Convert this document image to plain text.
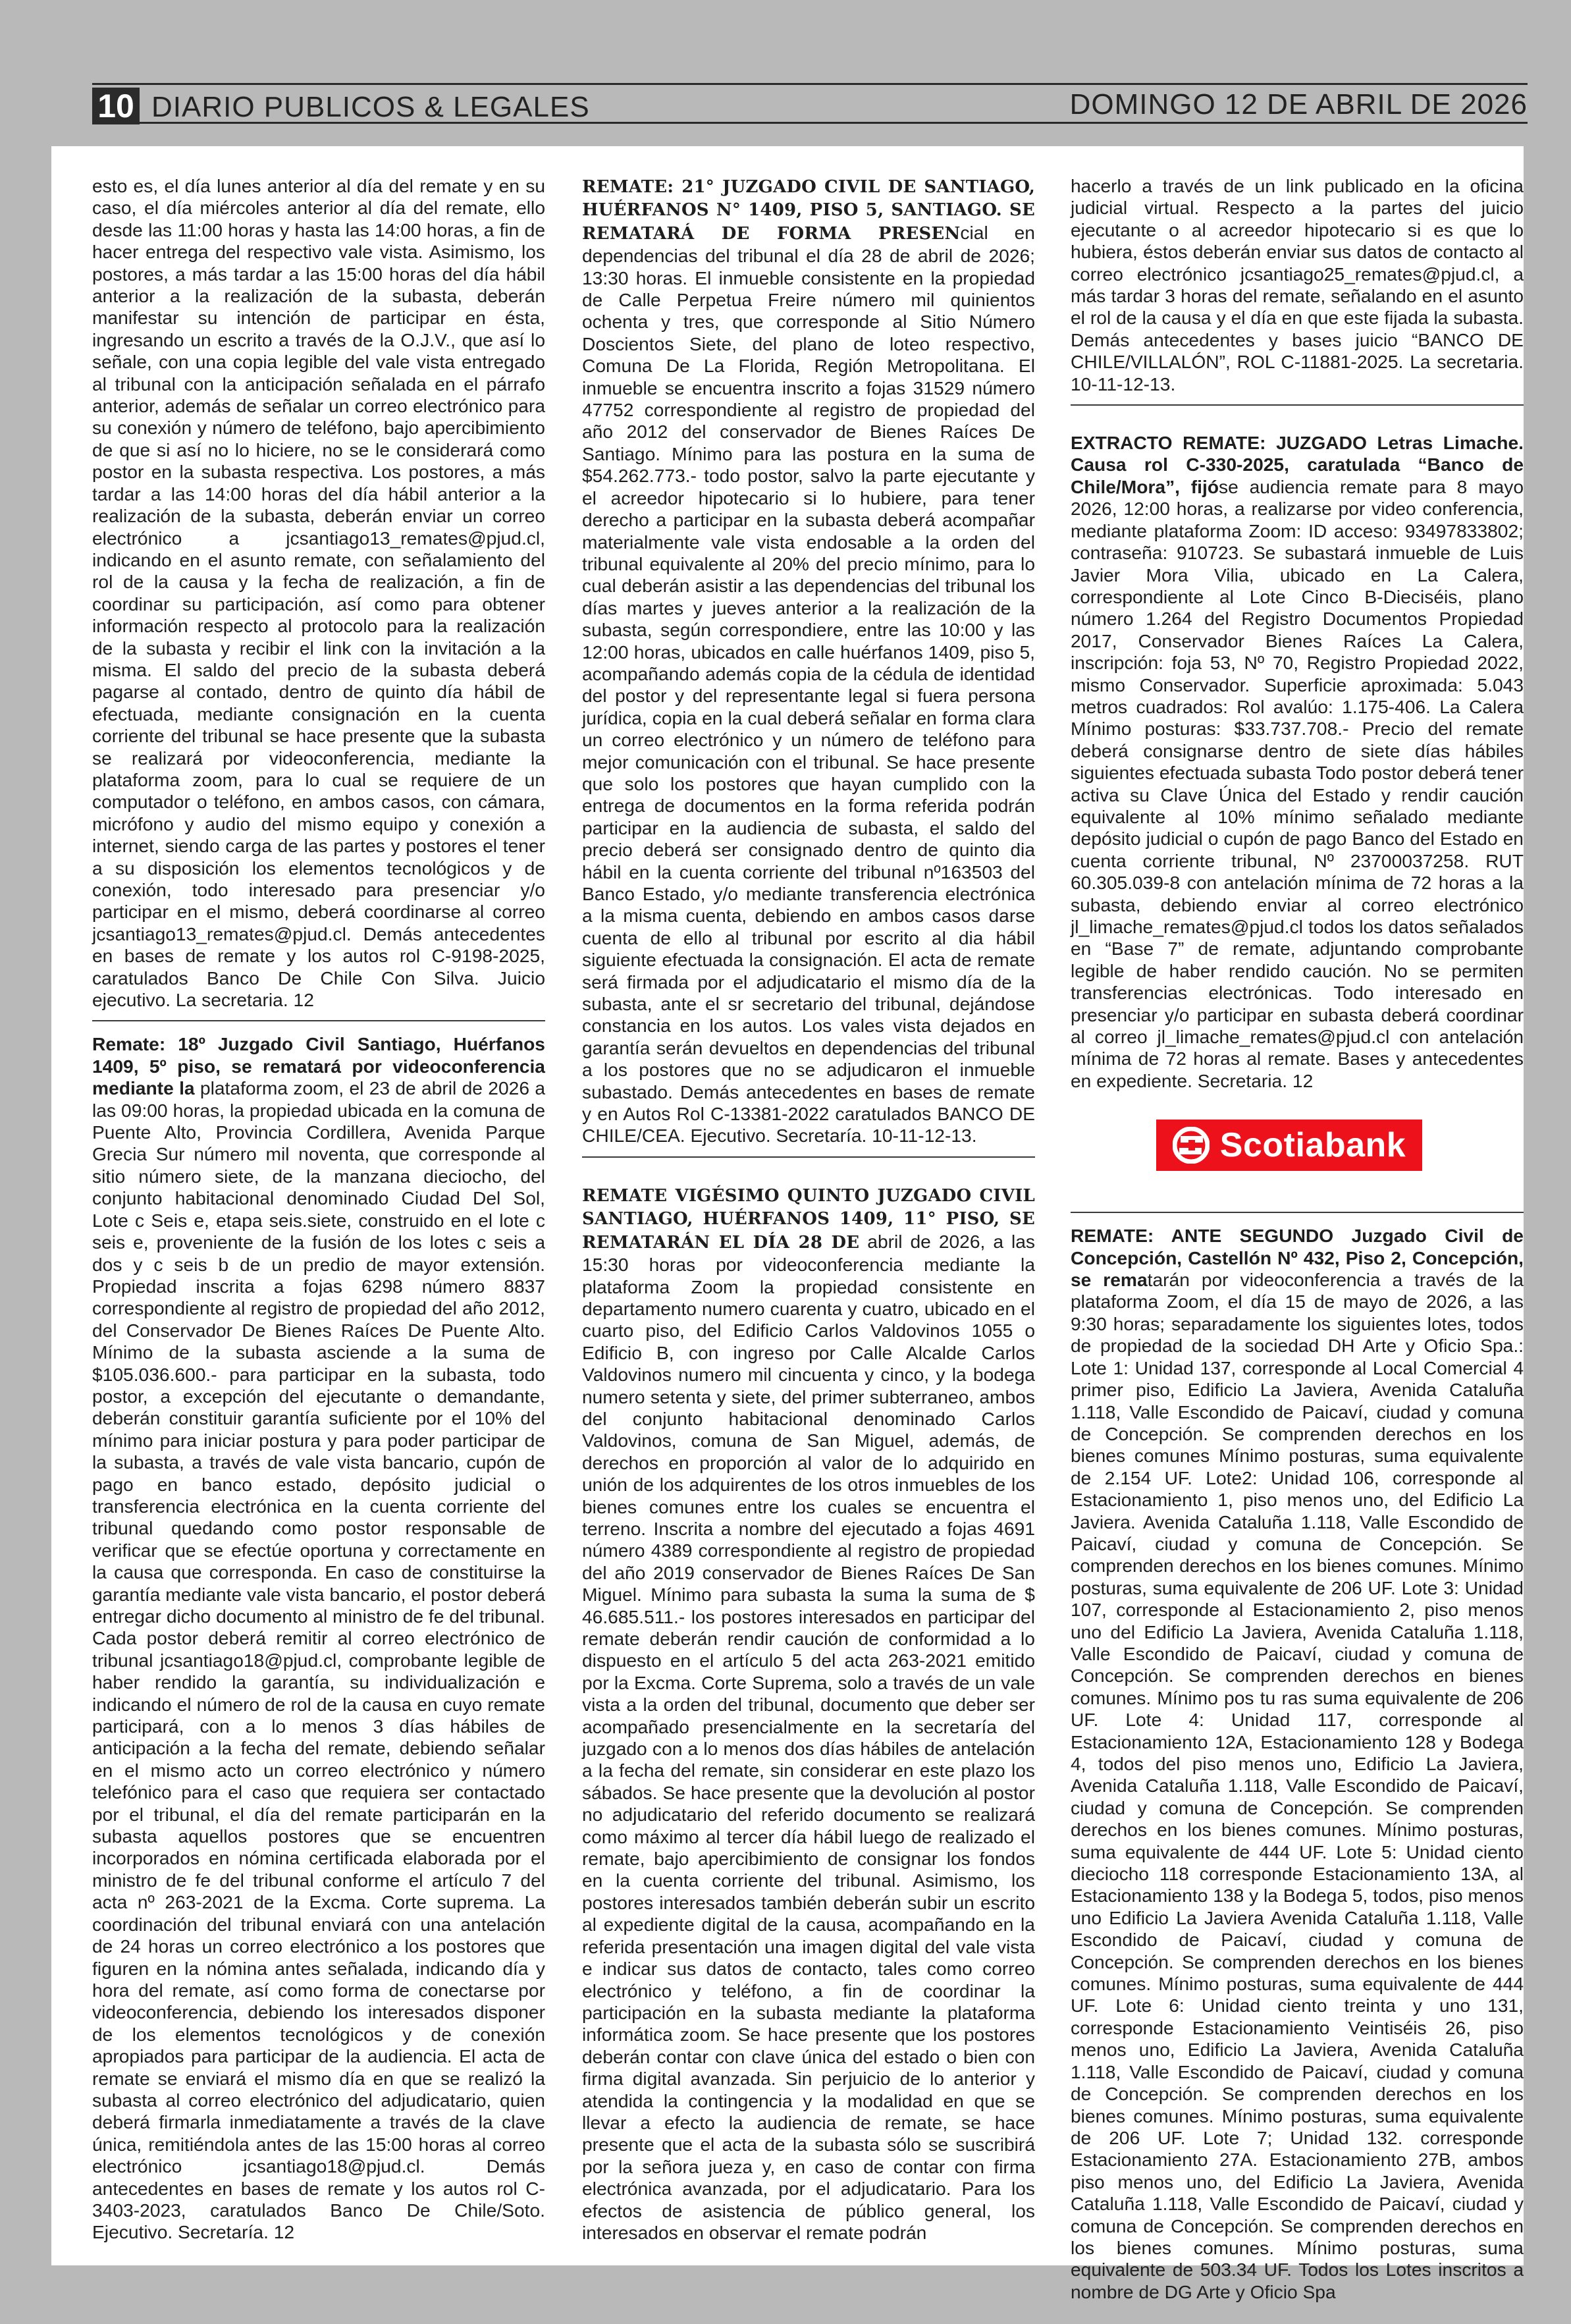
10 DIARIO PUBLICOS & LEGALES	DOMINGO 12 DE ABRIL DE 2026

esto es, el día lunes anterior al día del remate y en su caso, el día miércoles anterior al día del remate, ello desde las 11:00 horas y hasta las 14:00 horas, a fin de hacer entrega del respectivo vale vista. Asimismo, los postores, a más tardar a las 15:00 horas del día hábil anterior a la realización de la subasta, deberán manifestar su intención de participar en ésta, ingresando un escrito a través de la O.J.V., que así lo señale, con una copia legible del vale vista entregado al tribunal con la anticipación señalada en el párrafo anterior, además de señalar un correo electrónico para su conexión y número de teléfono, bajo apercibimiento de que si así no lo hiciere, no se le considerará como postor en la subasta respectiva. Los postores, a más tardar a las 14:00 horas del día hábil anterior a la realización de la subasta, deberán enviar un correo electrónico a jcsantiago13_remates@pjud.cl, indicando en el asunto remate, con señalamiento del rol de la causa y la fecha de realización, a fin de coordinar su participación, así como para obtener información respecto al protocolo para la realización de la subasta y recibir el link con la invitación a la misma. El saldo del precio de la subasta deberá pagarse al contado, dentro de quinto día hábil de efectuada, mediante consignación en la cuenta corriente del tribunal se hace presente que la subasta se realizará por videoconferencia, mediante la plataforma zoom, para lo cual se requiere de un computador o teléfono, en ambos casos, con cámara, micrófono y audio del mismo equipo y conexión a internet, siendo carga de las partes y postores el tener a su disposición los elementos tecnológicos y de conexión, todo interesado para presenciar y/o participar en el mismo, deberá coordinarse al correo jcsantiago13_remates@pjud.cl. Demás antecedentes en bases de remate y los autos rol C-9198-2025, caratulados Banco De Chile Con Silva. Juicio ejecutivo. La secretaria. 12

Remate: 18º Juzgado Civil Santiago, Huérfanos 1409, 5º piso, se rematará por videoconferencia mediante la plataforma zoom, el 23 de abril de 2026 a las 09:00 horas, la propiedad ubicada en la comuna de Puente Alto, Provincia Cordillera, Avenida Parque Grecia Sur número mil noventa, que corresponde al sitio número siete, de la manzana dieciocho, del conjunto habitacional denominado Ciudad Del Sol, Lote c Seis e, etapa seis.siete, construido en el lote c seis e, proveniente de la fusión de los lotes c seis a dos y c seis b de un predio de mayor extensión. Propiedad inscrita a fojas 6298 número 8837 correspondiente al registro de propiedad del año 2012, del Conservador De Bienes Raíces De Puente Alto. Mínimo de la subasta asciende a la suma de $105.036.600.- para participar en la subasta, todo postor, a excepción del ejecutante o demandante, deberán constituir garantía suficiente por el 10% del mínimo para iniciar postura y para poder participar de la subasta, a través de vale vista bancario, cupón de pago en banco estado, depósito judicial o transferencia electrónica en la cuenta corriente del tribunal quedando como postor responsable de verificar que se efectúe oportuna y correctamente en la causa que corresponda. En caso de constituirse la garantía mediante vale vista bancario, el postor deberá entregar dicho documento al ministro de fe del tribunal. Cada postor deberá remitir al correo electrónico de tribunal jcsantiago18@pjud.cl, comprobante legible de haber rendido la garantía, su individualización e indicando el número de rol de la causa en cuyo remate participará, con a lo menos 3 días hábiles de anticipación a la fecha del remate, debiendo señalar en el mismo acto un correo electrónico y número telefónico para el caso que requiera ser contactado por el tribunal, el día del remate participarán en la subasta aquellos postores que se encuentren incorporados en nómina certificada elaborada por el ministro de fe del tribunal conforme el artículo 7 del acta nº 263-2021 de la Excma. Corte suprema. La coordinación del tribunal enviará con una antelación de 24 horas un correo electrónico a los postores que figuren en la nómina antes señalada, indicando día y hora del remate, así como forma de conectarse por videoconferencia, debiendo los interesados disponer de los elementos tecnológicos y de conexión apropiados para participar de la audiencia. El acta de remate se enviará el mismo día en que se realizó la subasta al correo electrónico del adjudicatario, quien deberá firmarla inmediatamente a través de la clave única, remitiéndola antes de las 15:00 horas al correo electrónico jcsantiago18@pjud.cl. Demás antecedentes en bases de remate y los autos rol C-3403-2023, caratulados Banco De Chile/Soto. Ejecutivo. Secretaría. 12

REMATE: 21° JUZGADO CIVIL DE SANTIAGO, HUÉRFANOS N° 1409, PISO 5, SANTIAGO. SE REMATARÁ DE FORMA PRESENcial en dependencias del tribunal el día 28 de abril de 2026; 13:30 horas. El inmueble consistente en la propiedad de Calle Perpetua Freire número mil quinientos ochenta y tres, que corresponde al Sitio Número Doscientos Siete, del plano de loteo respectivo, Comuna De La Florida, Región Metropolitana. El inmueble se encuentra inscrito a fojas 31529 número 47752 correspondiente al registro de propiedad del año 2012 del conservador de Bienes Raíces De Santiago. Mínimo para las postura en la suma de $54.262.773.- todo postor, salvo la parte ejecutante y el acreedor hipotecario si lo hubiere, para tener derecho a participar en la subasta deberá acompañar materialmente vale vista endosable a la orden del tribunal equivalente al 20% del precio mínimo, para lo cual deberán asistir a las dependencias del tribunal los días martes y jueves anterior a la realización de la subasta, según correspondiere, entre las 10:00 y las 12:00 horas, ubicados en calle huérfanos 1409, piso 5, acompañando además copia de la cédula de identidad del postor y del representante legal si fuera persona jurídica, copia en la cual deberá señalar en forma clara un correo electrónico y un número de teléfono para mejor comunicación con el tribunal. Se hace presente que solo los postores que hayan cumplido con la entrega de documentos en la forma referida podrán participar en la audiencia de subasta, el saldo del precio deberá ser consignado dentro de quinto dia hábil en la cuenta corriente del tribunal nº163503 del Banco Estado, y/o mediante transferencia electrónica a la misma cuenta, debiendo en ambos casos darse cuenta de ello al tribunal por escrito al dia hábil siguiente efectuada la consignación. El acta de remate será firmada por el adjudicatario el mismo día de la subasta, ante el sr secretario del tribunal, dejándose constancia en los autos. Los vales vista dejados en garantía serán devueltos en dependencias del tribunal a los postores que no se adjudicaron el inmueble subastado. Demás antecedentes en bases de remate y en Autos Rol C-13381-2022 caratulados BANCO DE CHILE/CEA. Ejecutivo. Secretaría. 10-11-12-13.

REMATE VIGÉSIMO QUINTO JUZGADO CIVIL SANTIAGO, HUÉRFANOS 1409, 11° PISO, SE REMATARÁN EL DÍA 28 DE abril de 2026, a las 15:30 horas por videoconferencia mediante la plataforma Zoom la propiedad consistente en departamento numero cuarenta y cuatro, ubicado en el cuarto piso, del Edificio Carlos Valdovinos 1055 o Edificio B, con ingreso por Calle Alcalde Carlos Valdovinos numero mil cincuenta y cinco, y la bodega numero setenta y siete, del primer subterraneo, ambos del conjunto habitacional denominado Carlos Valdovinos, comuna de San Miguel, además, de derechos en proporción al valor de lo adquirido en unión de los adquirentes de los otros inmuebles de los bienes comunes entre los cuales se encuentra el terreno. Inscrita a nombre del ejecutado a fojas 4691 número 4389 correspondiente al registro de propiedad del año 2019 conservador de Bienes Raíces De San Miguel. Mínimo para subasta la suma la suma de $ 46.685.511.- los postores interesados en participar del remate deberán rendir caución de conformidad a lo dispuesto en el artículo 5 del acta 263-2021 emitido por la Excma. Corte Suprema, solo a través de un vale vista a la orden del tribunal, documento que deber ser acompañado presencialmente en la secretaría del juzgado con a lo menos dos días hábiles de antelación a la fecha del remate, sin considerar en este plazo los sábados. Se hace presente que la devolución al postor no adjudicatario del referido documento se realizará como máximo al tercer día hábil luego de realizado el remate, bajo apercibimiento de consignar los fondos en la cuenta corriente del tribunal. Asimismo, los postores interesados también deberán subir un escrito al expediente digital de la causa, acompañando en la referida presentación una imagen digital del vale vista e indicar sus datos de contacto, tales como correo electrónico y teléfono, a fin de coordinar la participación en la subasta mediante la plataforma informática zoom. Se hace presente que los postores deberán contar con clave única del estado o bien con firma digital avanzada. Sin perjuicio de lo anterior y atendida la contingencia y la modalidad en que se llevar a efecto la audiencia de remate, se hace presente que el acta de la subasta sólo se suscribirá por la señora jueza y, en caso de contar con firma electrónica avanzada, por el adjudicatario. Para los efectos de asistencia de público general, los interesados en observar el remate podrán

hacerlo a través de un link publicado en la oficina judicial virtual. Respecto a la partes del juicio ejecutante o al acreedor hipotecario si es que lo hubiera, éstos deberán enviar sus datos de contacto al correo electrónico jcsantiago25_remates@pjud.cl, a más tardar 3 horas del remate, señalando en el asunto el rol de la causa y el día en que este fijada la subasta. Demás antecedentes y bases juicio “BANCO DE CHILE/VILLALÓN”, ROL C-11881-2025. La secretaria. 10-11-12-13.

EXTRACTO REMATE: JUZGADO Letras Limache. Causa rol C-330-2025, caratulada “Banco de Chile/Mora”, fijóse audiencia remate para 8 mayo 2026, 12:00 horas, a realizarse por video conferencia, mediante plataforma Zoom: ID acceso: 93497833802; contraseña: 910723. Se subastará inmueble de Luis Javier Mora Vilia, ubicado en La Calera, correspondiente al Lote Cinco B-Dieciséis, plano número 1.264 del Registro Documentos Propiedad 2017, Conservador Bienes Raíces La Calera, inscripción: foja 53, Nº 70, Registro Propiedad 2022, mismo Conservador. Superficie aproximada: 5.043 metros cuadrados: Rol avalúo: 1.175-406. La Calera Mínimo posturas: $33.737.708.- Precio del remate deberá consignarse dentro de siete días hábiles siguientes efectuada subasta Todo postor deberá tener activa su Clave Única del Estado y rendir caución equivalente al 10% mínimo señalado mediante depósito judicial o cupón de pago Banco del Estado en cuenta corriente tribunal, Nº 23700037258. RUT 60.305.039-8 con antelación mínima de 72 horas a la subasta, debiendo enviar al correo electrónico jl_limache_remates@pjud.cl todos los datos señalados en “Base 7” de remate, adjuntando comprobante legible de haber rendido caución. No se permiten transferencias electrónicas. Todo interesado en presenciar y/o participar en subasta deberá coordinar al correo jl_limache_remates@pjud.cl con antelación mínima de 72 horas al remate. Bases y antecedentes en expediente. Secretaria. 12

Scotiabank

REMATE: ANTE SEGUNDO Juzgado Civil de Concepción, Castellón Nº 432, Piso 2, Concepción, se rematarán por videoconferencia a través de la plataforma Zoom, el día 15 de mayo de 2026, a las 9:30 horas; separadamente los siguientes lotes, todos de propiedad de la sociedad DH Arte y Oficio Spa.: Lote 1: Unidad 137, corresponde al Local Comercial 4 primer piso, Edificio La Javiera, Avenida Cataluña 1.118, Valle Escondido de Paicaví, ciudad y comuna de Concepción. Se comprenden derechos en los bienes comunes Mínimo posturas, suma equivalente de 2.154 UF. Lote2: Unidad 106, corresponde al Estacionamiento 1, piso menos uno, del Edificio La Javiera. Avenida Cataluña 1.118, Valle Escondido de Paicaví, ciudad y comuna de Concepción. Se comprenden derechos en los bienes comunes. Mínimo posturas, suma equivalente de 206 UF. Lote 3: Unidad 107, corresponde al Estacionamiento 2, piso menos uno del Edificio La Javiera, Avenida Cataluña 1.118, Valle Escondido de Paicaví, ciudad y comuna de Concepción. Se comprenden derechos en bienes comunes. Mínimo pos tu ras suma equivalente de 206 UF. Lote 4: Unidad 117, corresponde al Estacionamiento 12A, Estacionamiento 128 y Bodega 4, todos del piso menos uno, Edificio La Javiera, Avenida Cataluña 1.118, Valle Escondido de Paicaví, ciudad y comuna de Concepción. Se comprenden derechos en los bienes comunes. Mínimo posturas, suma equivalente de 444 UF. Lote 5: Unidad ciento dieciocho 118 corresponde Estacionamiento 13A, al Estacionamiento 138 y la Bodega 5, todos, piso menos uno Edificio La Javiera Avenida Cataluña 1.118, Valle Escondido de Paicaví, ciudad y comuna de Concepción. Se comprenden derechos en los bienes comunes. Mínimo posturas, suma equivalente de 444 UF. Lote 6: Unidad ciento treinta y uno 131, corresponde Estacionamiento Veintiséis 26, piso menos uno, Edificio La Javiera, Avenida Cataluña 1.118, Valle Escondido de Paicaví, ciudad y comuna de Concepción. Se comprenden derechos en los bienes comunes. Mínimo posturas, suma equivalente de 206 UF. Lote 7; Unidad 132. corresponde Estacionamiento 27A. Estacionamiento 27B, ambos piso menos uno, del Edificio La Javiera, Avenida Cataluña 1.118, Valle Escondido de Paicaví, ciudad y comuna de Concepción. Se comprenden derechos en los bienes comunes. Mínimo posturas, suma equivalente de 503.34 UF. Todos los Lotes inscritos a nombre de DG Arte y Oficio Spa
